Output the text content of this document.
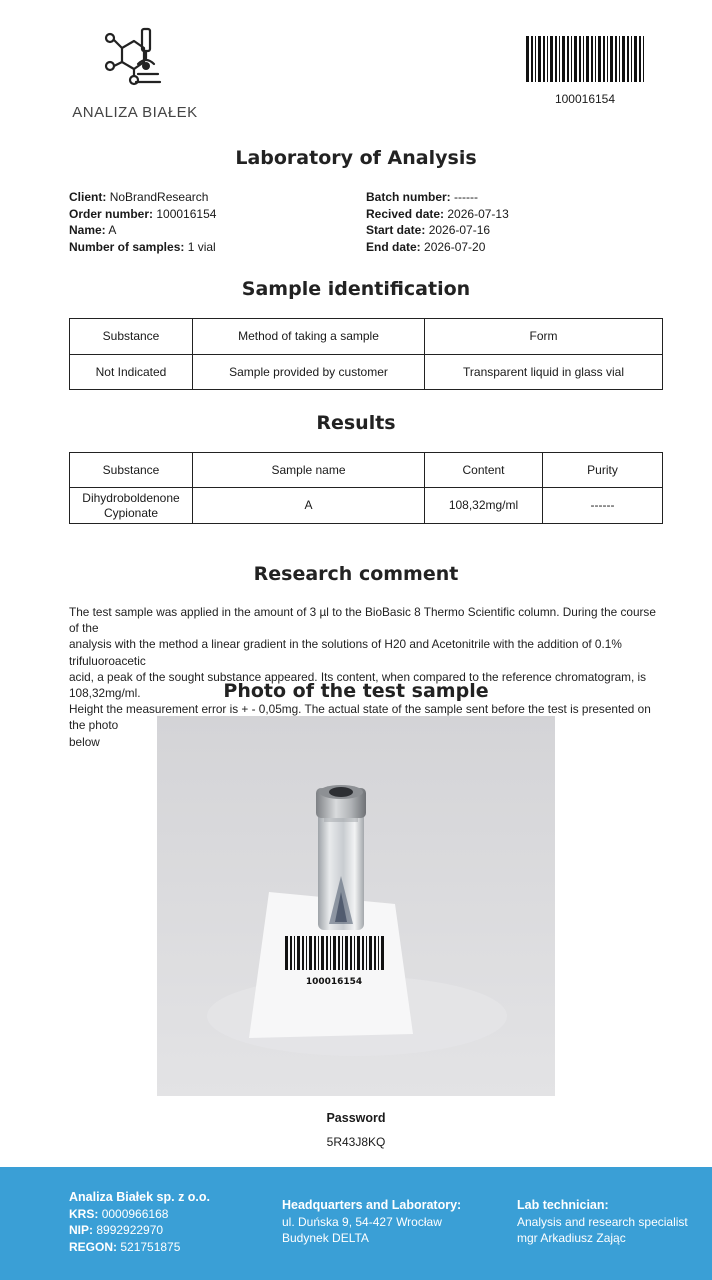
ANALIZA BIAŁEK
100016154
Laboratory of Analysis
Client: NoBrandResearch
Order number: 100016154
Name: A
Number of samples: 1 vial
Batch number: ------
Recived date: 2026-07-13
Start date: 2026-07-16
End date: 2026-07-20
Sample identification
Substance	Method of taking a sample	Form
Not Indicated	Sample provided by customer	Transparent liquid in glass vial
Results
Substance	Sample name	Content	Purity
Dihydroboldenone Cypionate	A	108,32mg/ml	------
Research comment
The test sample was applied in the amount of 3 µl to the BioBasic 8 Thermo Scientific column. During the course of the
analysis with the method a linear gradient in the solutions of H20 and Acetonitrile with the addition of 0.1% trifuluoroacetic
acid, a peak of the sought substance appeared. Its content, when compared to the reference chromatogram, is 108,32mg/ml.
Height the measurement error is + - 0,05mg. The actual state of the sample sent before the test is presented on the photo
below
Photo of the test sample
100016154
Password
5R43J8KQ
Analiza Białek sp. z o.o.
KRS: 0000966168
NIP: 8992922970
REGON: 521751875
Headquarters and Laboratory:
ul. Duńska 9, 54-427 Wrocław
Budynek DELTA
Lab technician:
Analysis and research specialist
mgr Arkadiusz Zając
